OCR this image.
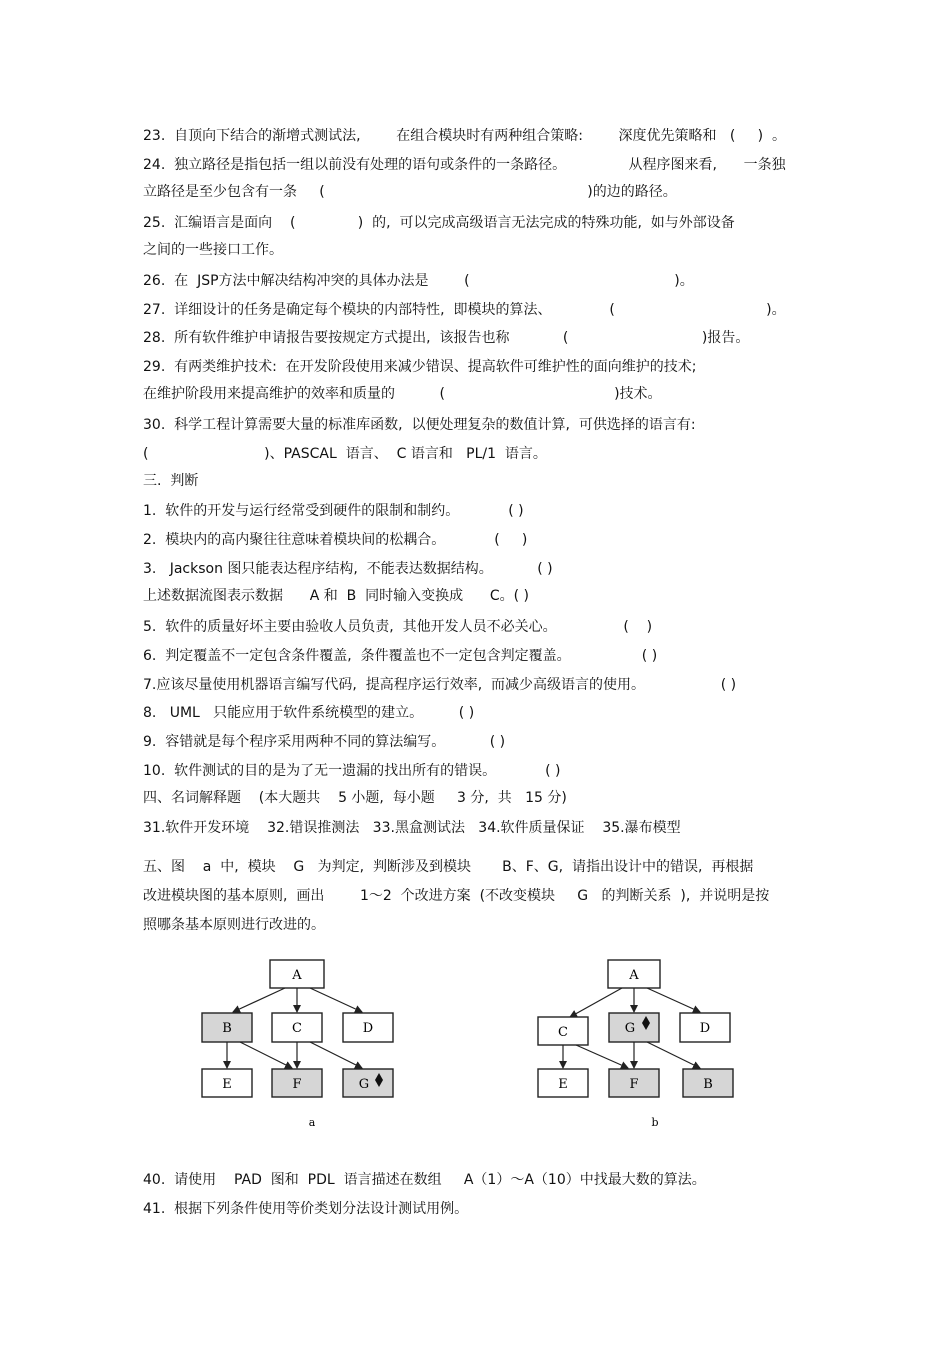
23.  自顶向下结合的渐增式测试法,        在组合模块时有两种组合策略:        深度优先策略和   (     )  。
24.  独立路径是指包括一组以前没有处理的语句或条件的一条路径。              从程序图来看,      一条独
立路径是至少包含有一条     (                                                           )的边的路径。
25.  汇编语言是面向    (              )  的,  可以完成高级语言无法完成的特殊功能,  如与外部设备
之间的一些接口工作。
26.  在  JSP方法中解决结构冲突的具体办法是        (                                              )。
27.  详细设计的任务是确定每个模块的内部特性,  即模块的算法、             (                                  )。
28.  所有软件维护申请报告要按规定方式提出,  该报告也称            (                              )报告。
29.  有两类维护技术:  在开发阶段使用来减少错误、提高软件可维护性的面向维护的技术;
在维护阶段用来提高维护的效率和质量的          (                                      )技术。
30.  科学工程计算需要大量的标准库函数,  以便处理复杂的数值计算,  可供选择的语言有:
(                          )、PASCAL  语言、  C 语言和   PL/1  语言。
三.  判断
1.  软件的开发与运行经常受到硬件的限制和制约。           ( )
2.  模块内的高内聚往往意味着模块间的松耦合。           (     )
3.   Jackson 图只能表达程序结构,  不能表达数据结构。          ( )
上述数据流图表示数据      A 和  B  同时输入变换成      C。( )
5.  软件的质量好坏主要由验收人员负责,  其他开发人员不必关心。               (    )
6.  判定覆盖不一定包含条件覆盖,  条件覆盖也不一定包含判定覆盖。                ( )
7.应该尽量使用机器语言编写代码,  提高程序运行效率,  而减少高级语言的使用。                 ( )
8.   UML   只能应用于软件系统模型的建立。        ( )
9.  容错就是每个程序采用两种不同的算法编写。          ( )
10.  软件测试的目的是为了无一遗漏的找出所有的错误。           ( )
四、名词解释题    (本大题共    5 小题,  每小题     3 分,  共   15 分)
31.软件开发环境    32.错误推测法   33.黑盒测试法   34.软件质量保证    35.瀑布模型
五、图    a  中,  模块    G   为判定,  判断涉及到模块       B、F、G,  请指出设计中的错误,  再根据
改进模块图的基本原则,  画出        1～2  个改进方案  (不改变模块     G   的判断关系  ),  并说明是按
照哪条基本原则进行改进的。
A
B	C	D
E	F	G
a
A
C	G	D
E	F	B
b
40.  请使用    PAD  图和  PDL  语言描述在数组     A（1）～A（10）中找最大数的算法。
41.  根据下列条件使用等价类划分法设计测试用例。
